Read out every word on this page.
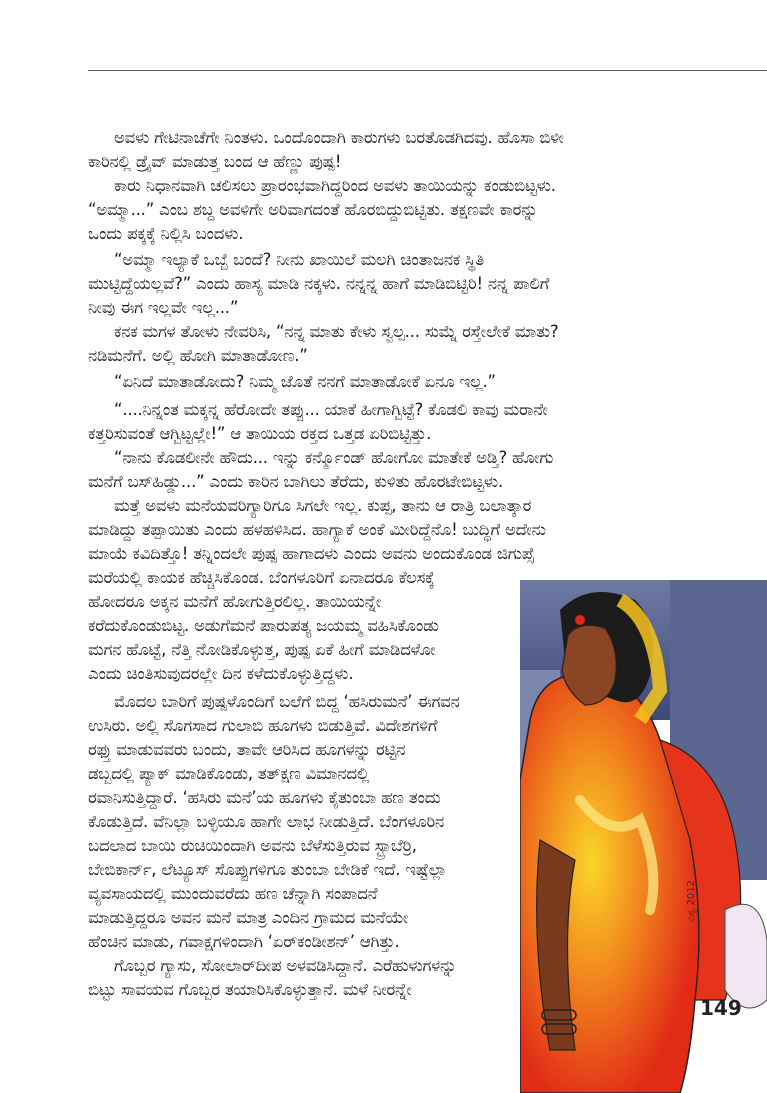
ವಿಶ್ವ 2012
149
ಅವಳು ಗೇಟಿನಾಚೆಗೇ ನಿಂತಳು. ಒಂದೊಂದಾಗಿ ಕಾರುಗಳು ಬರತೊಡಗಿದವು. ಹೊಸಾ ಬಿಳೀ
ಕಾರಿನಲ್ಲಿ ಡ್ರೈವ್ ಮಾಡುತ್ತ ಬಂದ ಆ ಹೆಣ್ಣು ಪುಷ್ಪ!
ಕಾರು ನಿಧಾನವಾಗಿ ಚಲಿಸಲು ಪ್ರಾರಂಭವಾಗಿದ್ದರಿಂದ ಅವಳು ತಾಯಿಯನ್ನು ಕಂಡುಬಿಟ್ಟಳು.
“ಅಮ್ಮಾ...” ಎಂಬ ಶಬ್ದ ಅವಳಿಗೇ ಅರಿವಾಗದಂತೆ ಹೊರಬಿದ್ದುಬಿಟ್ಟಿತು. ತಕ್ಷಣವೇ ಕಾರನ್ನು
ಒಂದು ಪಕ್ಕಕ್ಕೆ ನಿಲ್ಲಿಸಿ ಬಂದಳು.
“ಅಮ್ಮಾ ಇಲ್ಯಾಕೆ ಒಬ್ಬೆ ಬಂದೆ? ನೀನು ಖಾಯಿಲೆ ಮಲಗಿ ಚಿಂತಾಜನಕ ಸ್ಥಿತಿ
ಮುಟ್ಟಿದ್ದೆಯಲ್ಲವೆ?” ಎಂದು ಹಾಸ್ಯ ಮಾಡಿ ನಕ್ಕಳು. ನನ್ನನ್ನ ಹಾಗೆ ಮಾಡಿಬಿಟ್ಟಿರಿ! ನನ್ನ ಪಾಲಿಗೆ
ನೀವು ಈಗ ಇಲ್ಲವೇ ಇಲ್ಲ...”
ಕನಕ ಮಗಳ ತೋಳು ನೇವರಿಸಿ, “ನನ್ನ ಮಾತು ಕೇಳು ಸ್ವಲ್ಪ... ಸುಮ್ನೆ ರಸ್ತೇಲೇಕೆ ಮಾತು?
ನಡಿಮನೆಗೆ. ಅಲ್ಲಿ ಹೋಗಿ ಮಾತಾಡೋಣ.”
“ಏನಿದೆ ಮಾತಾಡೋದು? ನಿಮ್ಮ ಜೊತೆ ನನಗೆ ಮಾತಾಡೋಕೆ ಏನೂ ಇಲ್ಲ.”
“....ನಿನ್ನಂತ ಮಕ್ಕನ್ನ ಹೆರೋದೇ ತಪ್ಪು... ಯಾಕೆ ಹೀಗಾಗ್ಬಿಟ್ಟೆ? ಕೊಡಲಿ ಕಾವು ಮರಾನೇ
ಕತ್ತರಿಸುವಂತೆ ಆಗ್ಬಿಟ್ಟಲ್ಲೇ!” ಆ ತಾಯಿಯ ರಕ್ತದ ಒತ್ತಡ ಏರಿಬಿಟ್ಟಿತ್ತು.
“ನಾನು ಕೊಡಲೀನೇ ಹೌದು... ಇನ್ನು ಕರ್ನ್ಮೊಂಡ್ ಹೋಗೋ ಮಾತೇಕೆ ಅಡ್ತಿ? ಹೋಗು
ಮನೆಗೆ ಬಸ್‌ಹಿಡ್ಡು...” ಎಂದು ಕಾರಿನ ಬಾಗಿಲು ತೆರೆದು, ಕುಳಿತು ಹೊರಟೇಬಿಟ್ಟಳು.
ಮತ್ತೆ ಅವಳು ಮನೆಯವರಿಗ್ಯಾರಿಗೂ ಸಿಗಲೇ ಇಲ್ಲ. ಕುಪ್ಪ, ತಾನು ಆ ರಾತ್ರಿ ಬಲಾತ್ಕಾರ
ಮಾಡಿದ್ದು ತಪ್ಪಾಯಿತು ಎಂದು ಹಳಹಳಿಸಿದ. ಹಾಗ್ಯಾಕೆ ಅಂಕೆ ಮೀರಿದ್ದೆನೊ! ಬುದ್ಧಿಗೆ ಅದೇನು
ಮಾಯೆ ಕವಿದಿತ್ತೊ! ತನ್ನಿಂದಲೇ ಪುಷ್ಪ ಹಾಗಾದಳು ಎಂದು ಅವನು ಅಂದುಕೊಂಡ ಜಿಗುಪ್ಸೆ
ಮರೆಯಲ್ಲಿ ಕಾಯಕ ಹೆಚ್ಚಿಸಿಕೊಂಡ. ಬೆಂಗಳೂರಿಗೆ ಏನಾದರೂ ಕೆಲಸಕ್ಕೆ
ಹೋದರೂ ಅಕ್ಕನ ಮನೆಗೆ ಹೋಗುತ್ತಿರಲಿಲ್ಲ. ತಾಯಿಯನ್ನೇ
ಕರೆದುಕೊಂಡುಬಿಟ್ಟ. ಅಡುಗೆಮನೆ ಪಾರುಪತ್ಯ ಜಯಮ್ಮ ವಹಿಸಿಕೊಂಡು
ಮಗನ ಹೊಟ್ಟೆ, ನೆತ್ತಿ ನೋಡಿಕೊಳ್ಳುತ್ತ, ಪುಷ್ಪ ಏಕೆ ಹೀಗೆ ಮಾಡಿದಳೋ
ಎಂದು ಚಿಂತಿಸುವುದರಲ್ಲೇ ದಿನ ಕಳೆದುಕೊಳ್ಳುತ್ತಿದ್ದಳು.
ಮೊದಲ ಬಾರಿಗೆ ಪುಷ್ಪಳೊಂದಿಗೆ ಬಲೆಗೆ ಬಿದ್ದ ‘ಹಸಿರುಮನೆ’ ಈಗವನ
ಉಸಿರು. ಅಲ್ಲಿ ಸೊಗಸಾದ ಗುಲಾಬಿ ಹೂಗಳು ಬಿಡುತ್ತಿವೆ. ವಿದೇಶಗಳಿಗೆ
ರಫ್ತು ಮಾಡುವವರು ಬಂದು, ತಾವೇ ಆರಿಸಿದ ಹೂಗಳನ್ನು ರಟ್ಟಿನ
ಡಬ್ಬದಲ್ಲಿ ಪ್ಯಾಕ್ ಮಾಡಿಕೊಂಡು, ತತ್‌ಕ್ಷಣ ವಿಮಾನದಲ್ಲಿ
ರವಾನಿಸುತ್ತಿದ್ದಾರೆ. ‘ಹಸಿರು ಮನೆ’ಯ ಹೂಗಳು ಕೈತುಂಬಾ ಹಣ ತಂದು
ಕೊಡುತ್ತಿದೆ. ವೆನಿಲ್ಲಾ ಬಳ್ಳಿಯೂ ಹಾಗೇ ಲಾಭ ನೀಡುತ್ತಿದೆ. ಬೆಂಗಳೂರಿನ
ಬದಲಾದ ಬಾಯಿ ರುಚಿಯಿಂದಾಗಿ ಅವನು ಬೆಳೆಸುತ್ತಿರುವ ಸ್ಟ್ರಾಬೆರ್ರಿ,
ಬೇಬಿಕಾರ್ನ್, ಲೆಟ್ಯೂಸ್ ಸೊಪ್ಪುಗಳಿಗೂ ತುಂಬಾ ಬೇಡಿಕೆ ಇದೆ. ಇಷ್ಟೆಲ್ಲಾ
ವ್ಯವಸಾಯದಲ್ಲಿ ಮುಂದುವರೆದು ಹಣ ಚೆನ್ನಾಗಿ ಸಂಪಾದನೆ
ಮಾಡುತ್ತಿದ್ದರೂ ಅವನ ಮನೆ ಮಾತ್ರ ಎಂದಿನ ಗ್ರಾಮದ ಮನೆಯೇ
ಹೆಂಚಿನ ಮಾಡು, ಗವಾಕ್ಷಗಳಿಂದಾಗಿ ‘ಏರ್‌ಕಂಡೀಶನ್’ ಆಗಿತ್ತು.
ಗೊಬ್ಬರ ಗ್ಯಾಸು, ಸೋಲಾರ್‌ದೀಪ ಅಳವಡಿಸಿದ್ದಾನೆ. ಎರೆಹುಳುಗಳನ್ನು
ಬಿಟ್ಟು ಸಾವಯವ ಗೊಬ್ಬರ ತಯಾರಿಸಿಕೊಳ್ಳುತ್ತಾನೆ. ಮಳೆ ನೀರನ್ನೇ
